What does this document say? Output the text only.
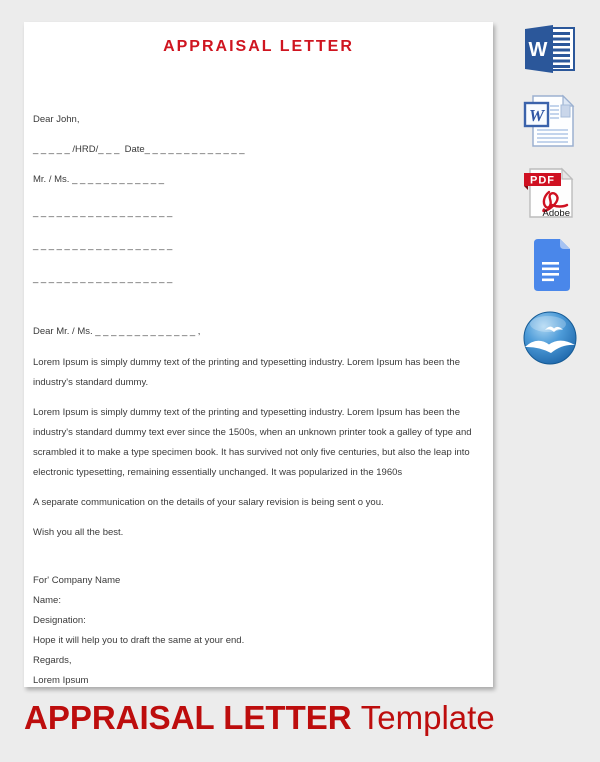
APPRAISAL LETTER
Dear John,
_____/HRD/___ Date_____________
Mr. / Ms. ____________
__________________
__________________
__________________
Dear Mr. / Ms. _____________,

Lorem Ipsum is simply dummy text of the printing and typesetting industry. Lorem Ipsum has been the industry's standard dummy.

Lorem Ipsum is simply dummy text of the printing and typesetting industry. Lorem Ipsum has been the industry's standard dummy text ever since the 1500s, when an unknown printer took a galley of type and scrambled it to make a type specimen book. It has survived not only five centuries, but also the leap into electronic typesetting, remaining essentially unchanged. It was popularized in the 1960s

A separate communication on the details of your salary revision is being sent o you.

Wish you all the best.

For' Company Name
Name:
Designation:
Hope it will help you to draft the same at your end.
Regards,
Lorem Ipsum
W
W
PDF
Adobe
APPRAISAL LETTER Template
